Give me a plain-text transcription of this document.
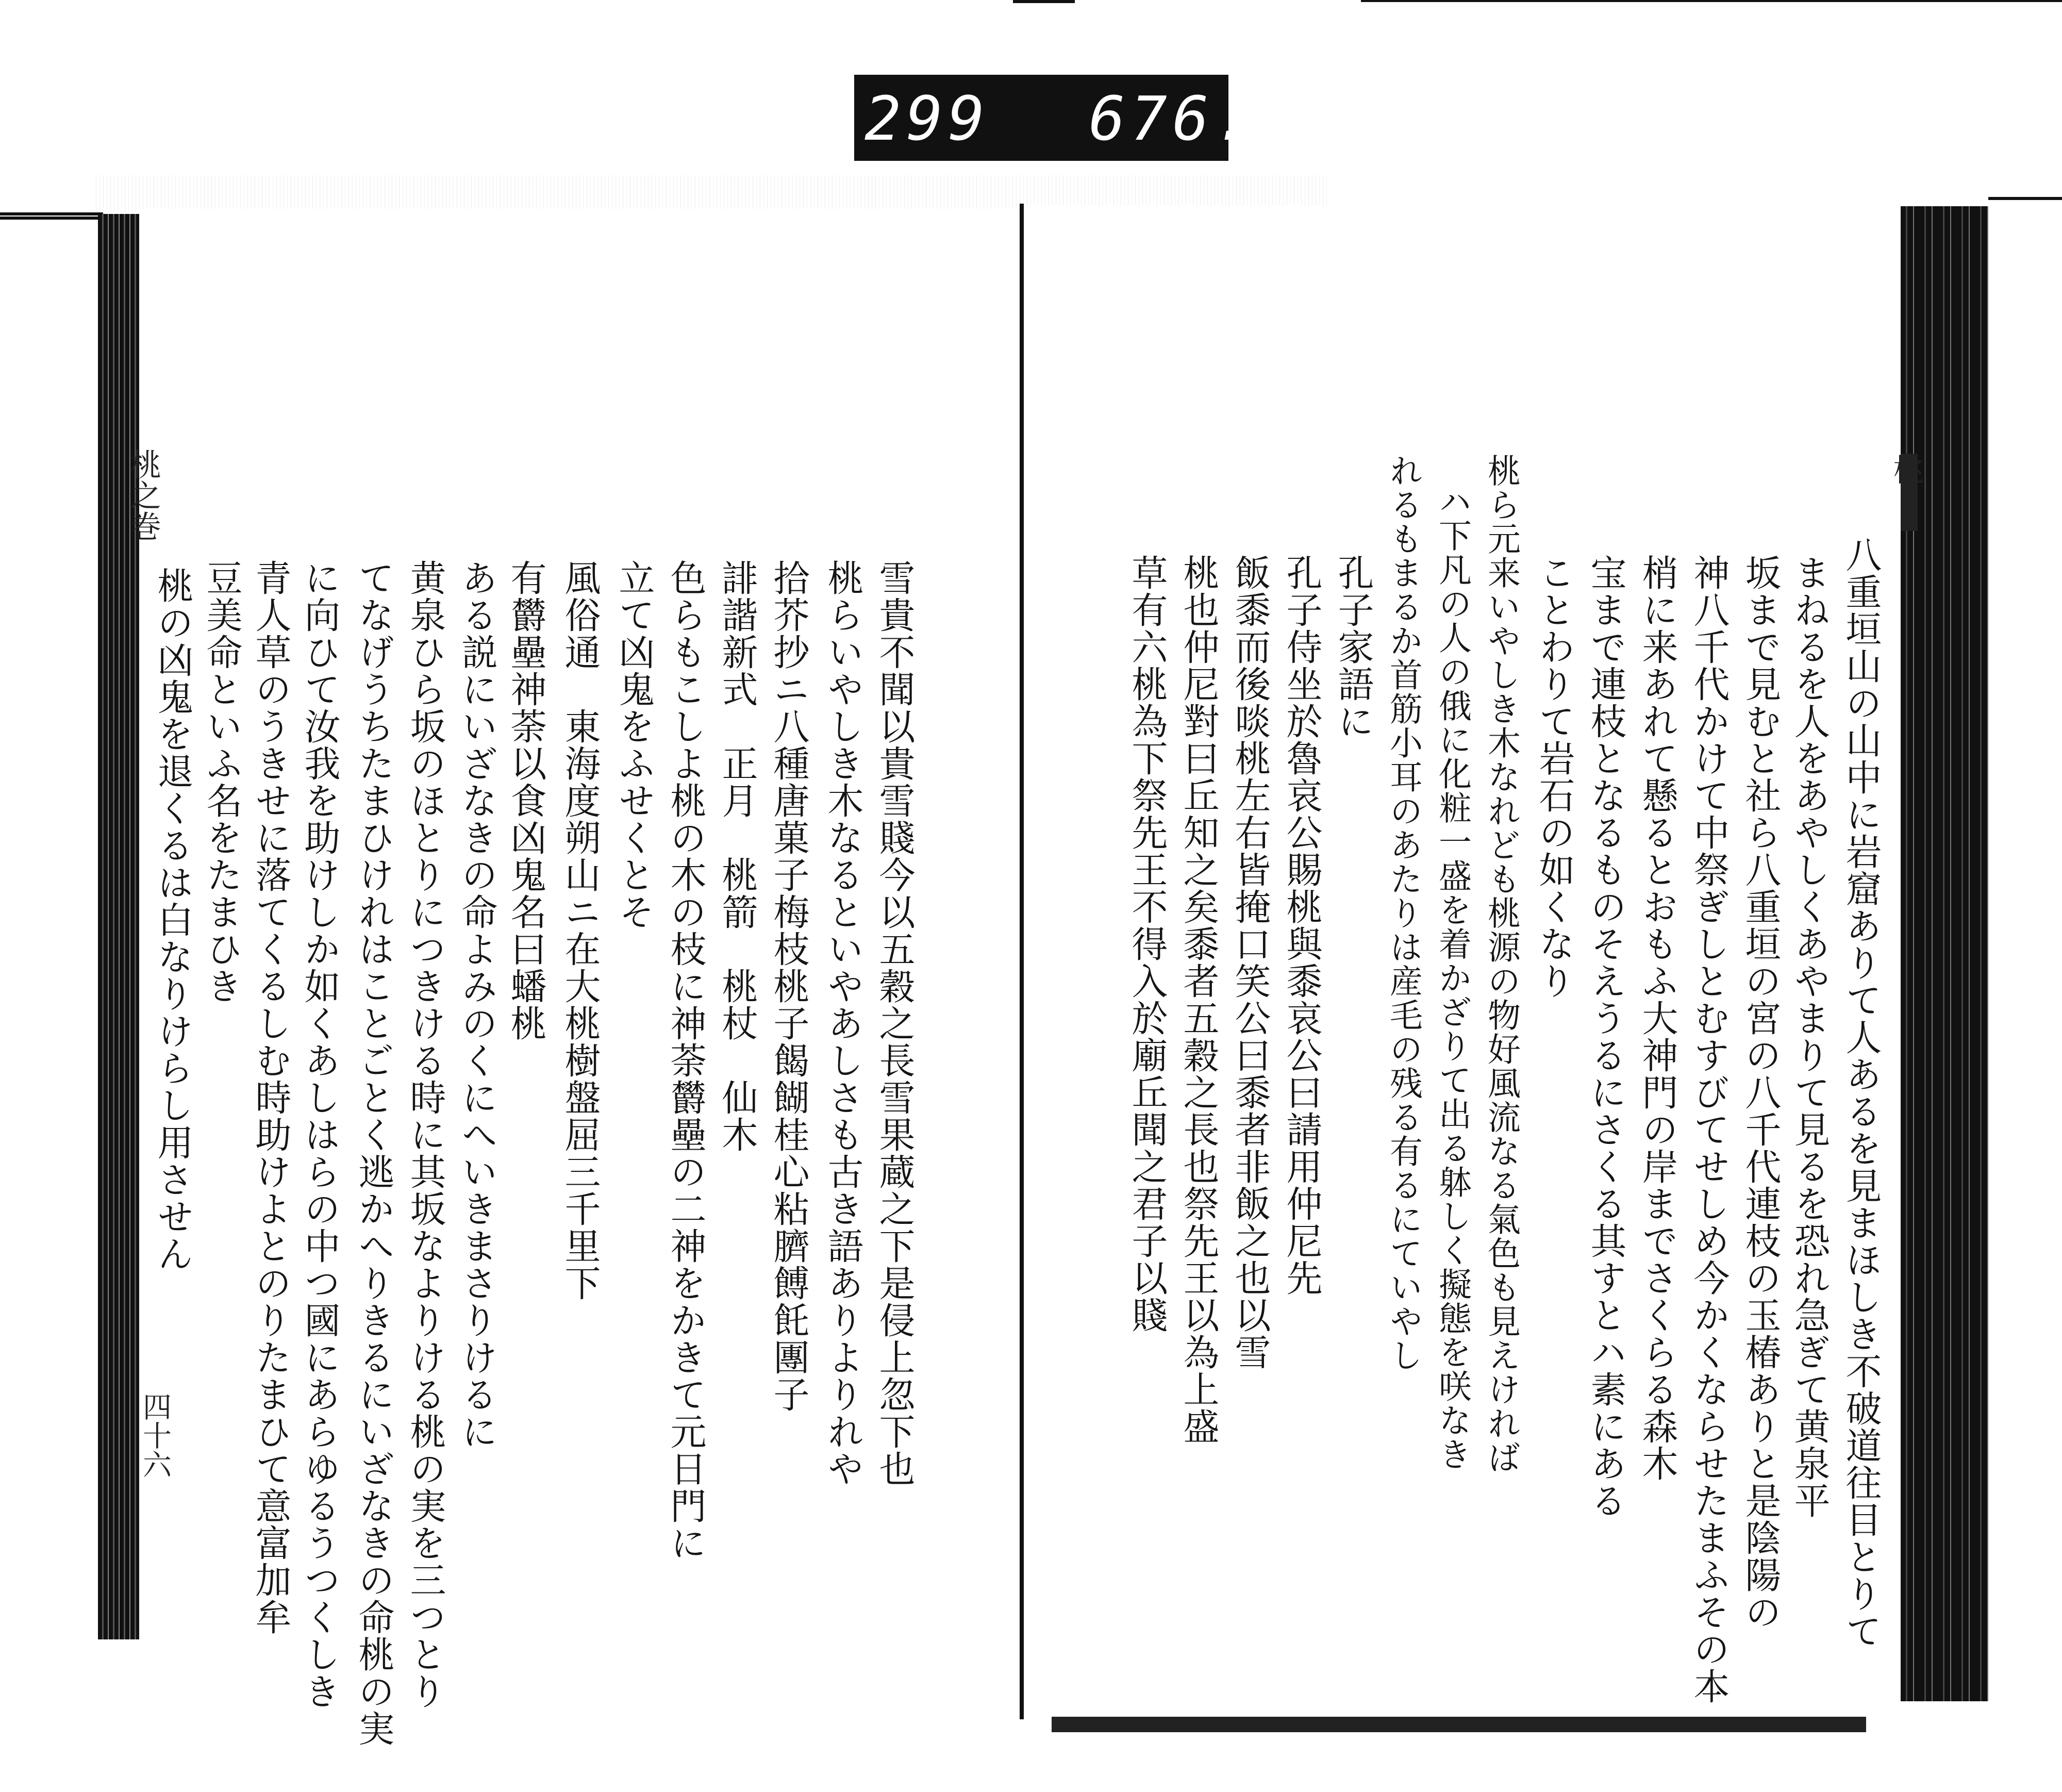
299 676.
桃之巻
四十六
桃
雪貴不聞以貴雪賤今以五穀之長雪果蔵之下是侵上忽下也
桃らいやしき木なるといやあしさも古き語ありよりれや
拾芥抄ニ八種唐菓子梅枝桃子餲餬桂心粘臍餺飥團子
誹諧新式　正月　桃箭　桃杖　仙木
色らもこしよ桃の木の枝に神荼欝壘の二神をかきて元日門に
立て凶鬼をふせくとそ
風俗通　東海度朔山ニ在大桃樹盤屈三千里下
有欝壘神荼以食凶鬼名曰蟠桃
ある説にいざなきの命よみのくにへいきまさりけるに
黄泉ひら坂のほとりにつきける時に其坂なよりける桃の実を三つとり
てなげうちたまひけれはことごとく逃かへりきるにいざなきの命桃の実
に向ひて汝我を助けしか如くあしはらの中つ國にあらゆるうつくしき
青人草のうきせに落てくるしむ時助けよとのりたまひて意富加牟
豆美命といふ名をたまひき
桃の凶鬼を退くるは白なりけらし用させん	八重垣山の山中に岩窟ありて人あるを見まほしき不破道往目とりて
まねるを人をあやしくあやまりて見るを恐れ急ぎて黄泉平
坂まで見むと社ら八重垣の宮の八千代連枝の玉椿ありと是陰陽の
神八千代かけて中祭ぎしとむすびてせしめ今かくならせたまふその本
梢に来あれて懸るとおもふ大神門の岸までさくらる森木
宝まで連枝となるものそえうるにさくる其すとハ素にある
ことわりて岩石の如くなり
桃ら元来いやしき木なれども桃源の物好風流なる氣色も見えければ
ハ下凡の人の俄に化粧一盛を着かざりて出る躰しく擬態を咲なき
れるもまるか首筋小耳のあたりは産毛の残る有るにていやし
孔子家語に
孔子侍坐於魯哀公賜桃與黍哀公曰請用仲尼先
飯黍而後啖桃左右皆掩口笑公曰黍者非飯之也以雪
桃也仲尼對曰丘知之矣黍者五穀之長也祭先王以為上盛
草有六桃為下祭先王不得入於廟丘聞之君子以賤
